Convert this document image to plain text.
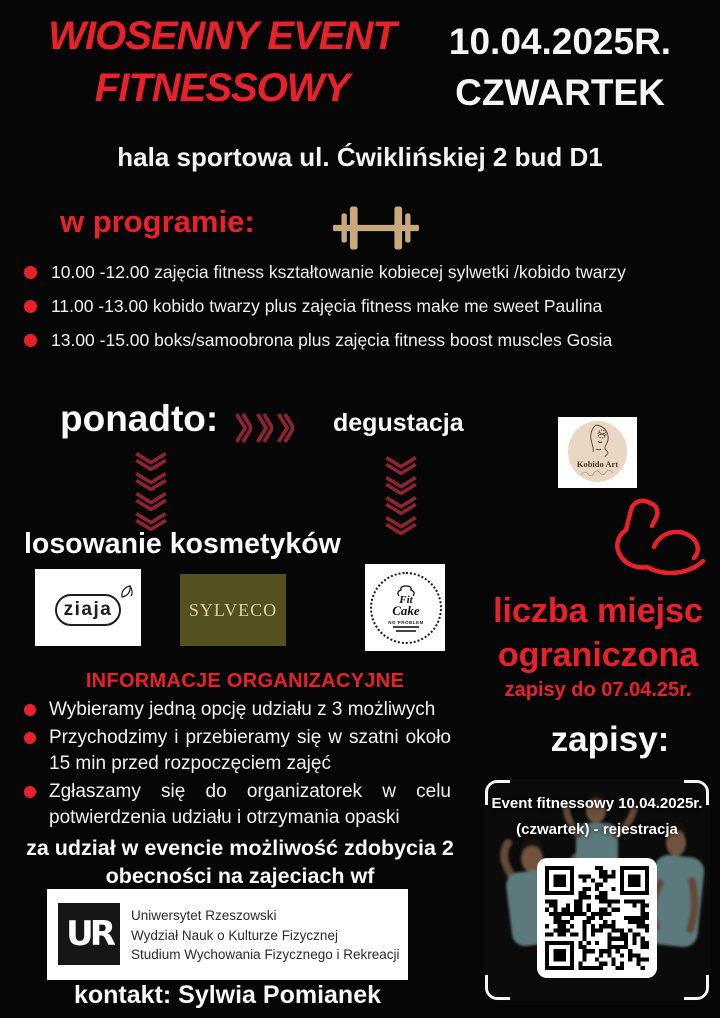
WIOSENNY EVENT
FITNESSOWY
10.04.2025R.
CZWARTEK
hala sportowa ul. Ćwiklińskiej 2 bud D1
w programie:
10.00 -12.00 zajęcia fitness kształtowanie kobiecej sylwetki /kobido twarzy
11.00 -13.00 kobido twarzy plus zajęcia fitness make me sweet Paulina
13.00 -15.00 boks/samoobrona plus zajęcia fitness boost muscles Gosia
ponadto:	degustacja
Kobido Art
losowanie kosmetyków
ziaja	SYLVECO	Fit
Cake
NO PROBLEM liczba miejsc
ograniczona
zapisy do 07.04.25r.
INFORMACJE ORGANIZACYJNE
Wybieramy jedną opcję udziału z 3 możliwych
Przychodzimy i przebieramy się w szatni około 15 min przed rozpoczęciem zajęć
Zgłaszamy się do organizatorek w celu potwierdzenia udziału i otrzymania opaski
za udział w evencie możliwość zdobycia 2
obecności na zajeciach wf
UR	Uniwersytet Rzeszowski
Wydział Nauk o Kulturze Fizycznej
Studium Wychowania Fizycznego i Rekreacji
kontakt: Sylwia Pomianek
zapisy:
Event fitnessowy 10.04.2025r.
(czwartek) - rejestracja
